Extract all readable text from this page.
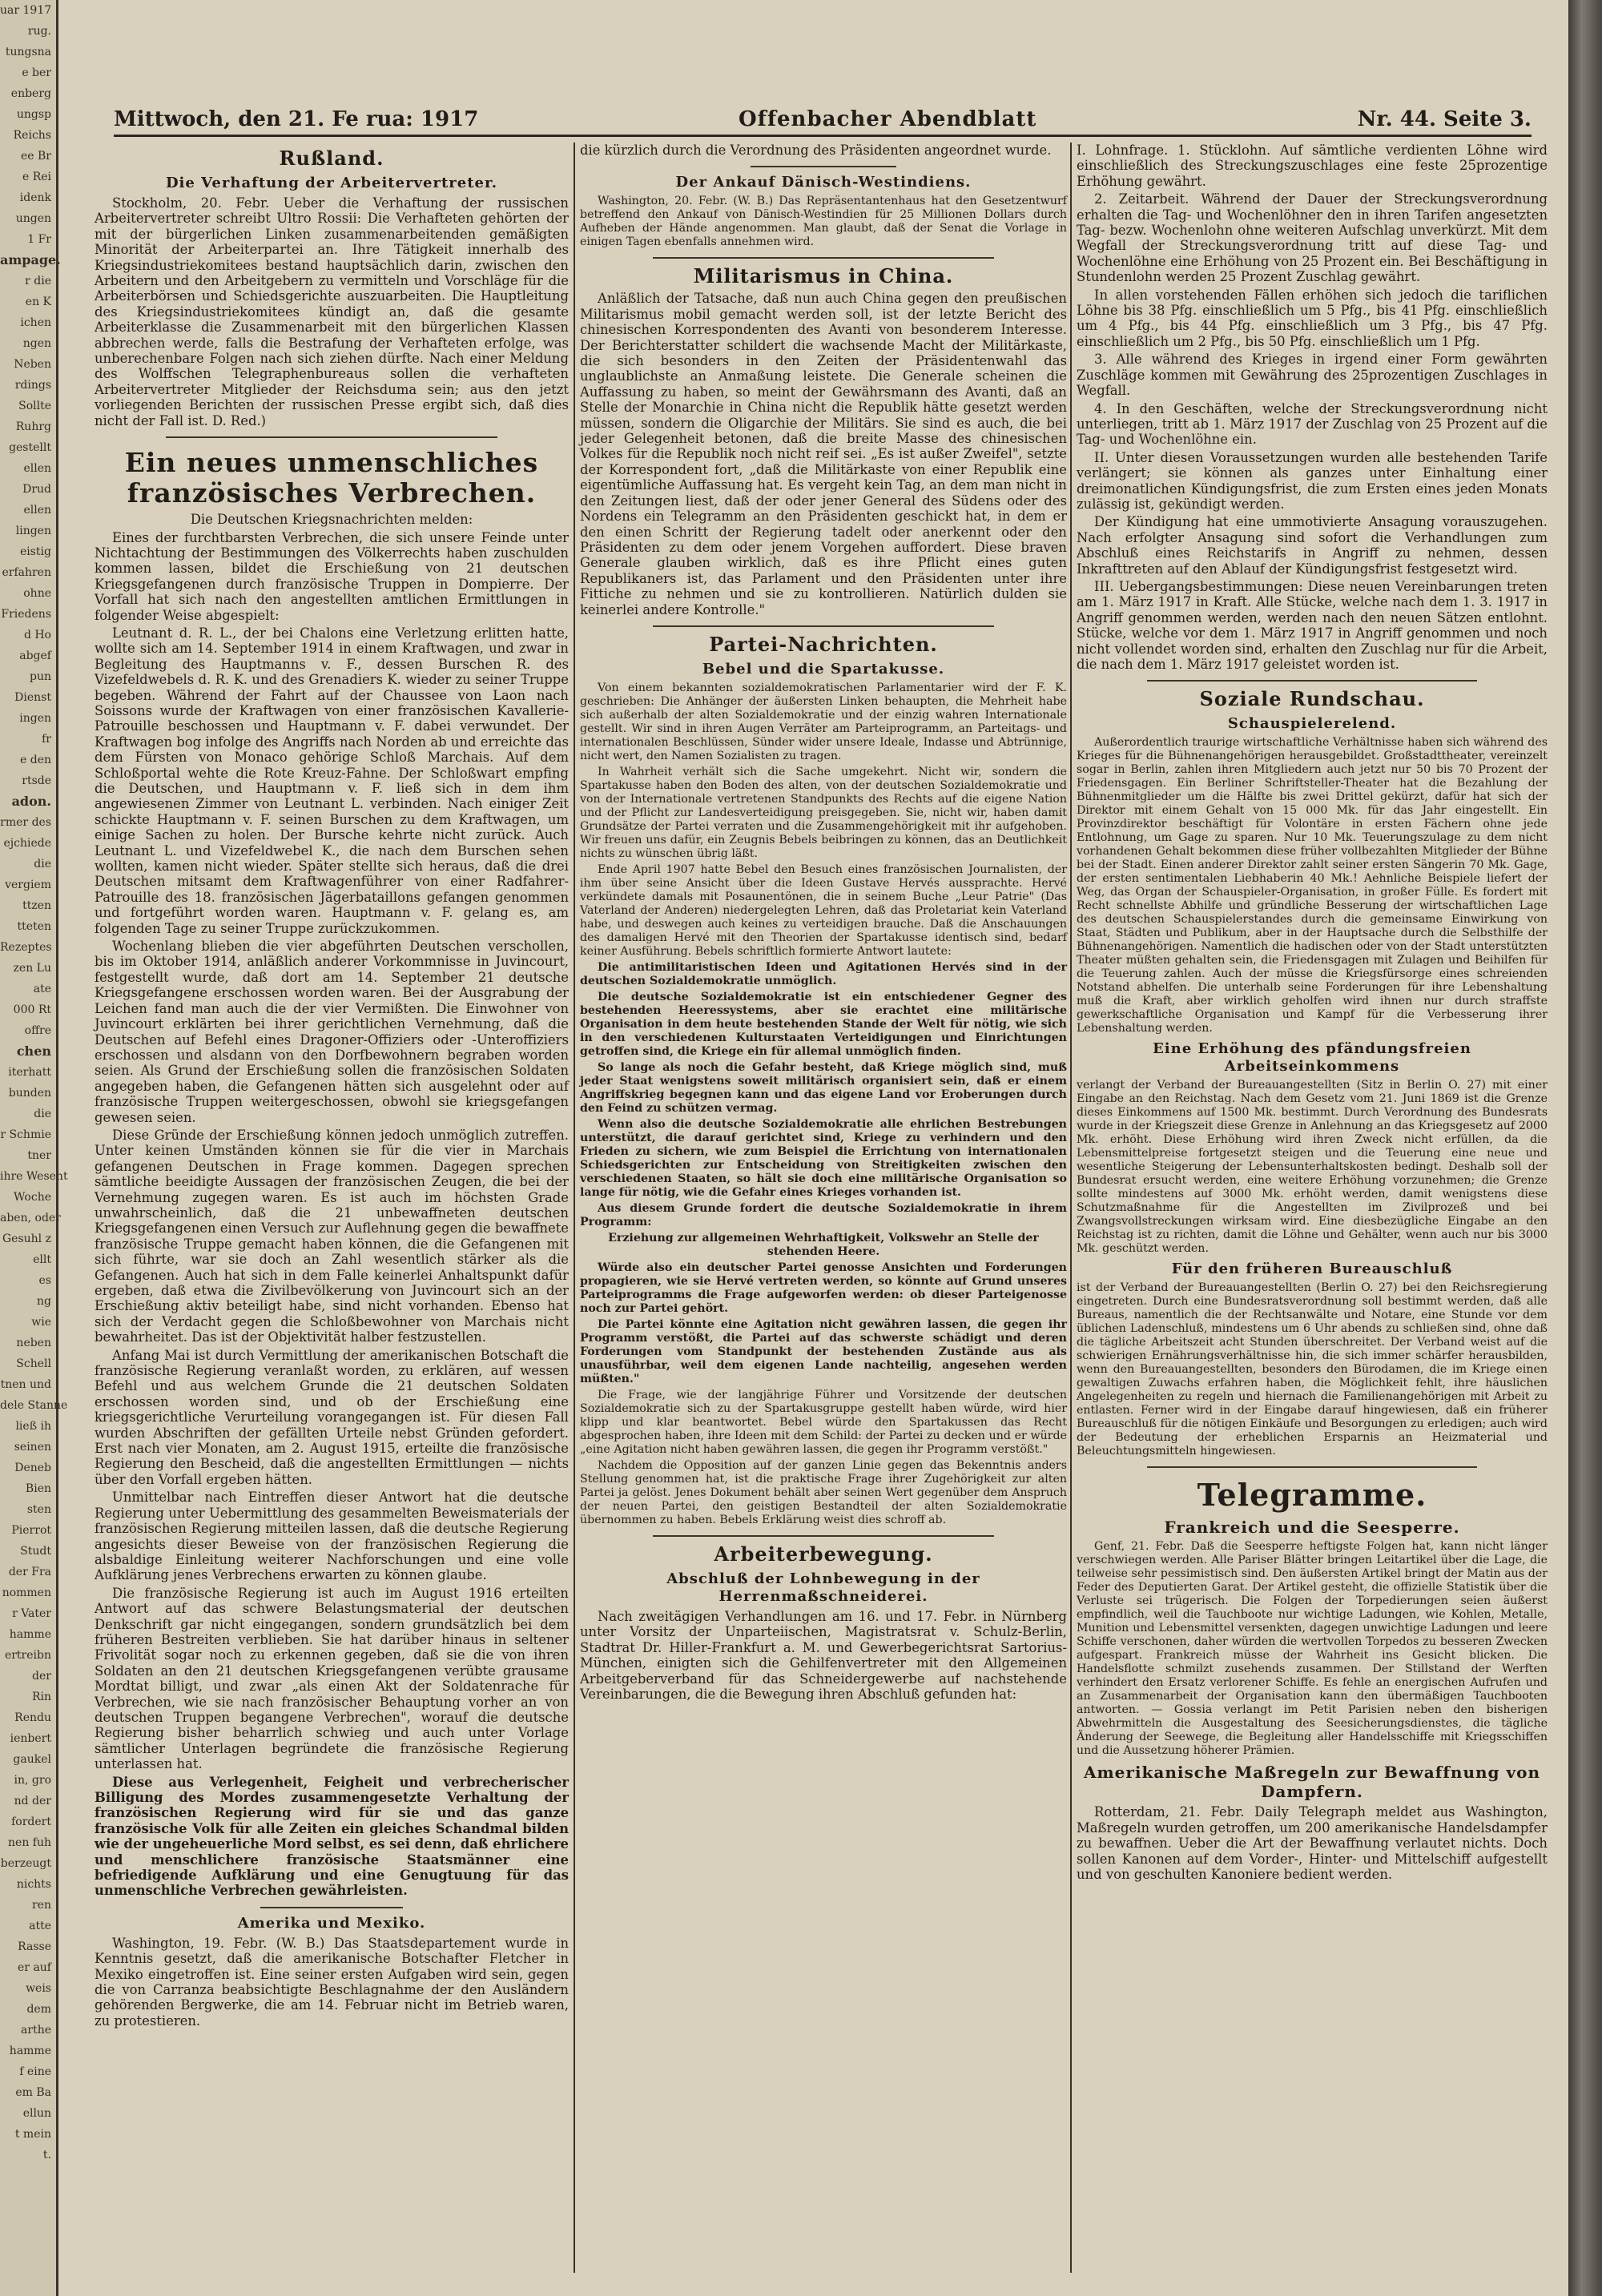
uar 1917
rug.
tungsna
e ber
enberg
ungsp
Reichs
ee Br
e Rei
idenk
ungen
1 Fr
ampage.
r die
en K
ichen
ngen
Neben
rdings
Sollte
Ruhrg
gestellt
ellen
Drud
ellen
lingen
eistig
erfahren
ohne
Friedens
d Ho
abgef
pun
Dienst
ingen
fr
e den
rtsde
adon.
rmer des
ejchiede
die
vergiem
ttzen
tteten
Rezeptes
zen Lu
ate
000 Rt
offre
chen
iterhatt
bunden
die
r Schmie
tner
ihre Wesent
Woche
aben, oder
Gesuhl z
ellt
es
ng
wie
neben
Schell
tnen und
dele Stanne
ließ ih
seinen
Deneb
Bien
sten
Pierrot
Studt
der Fra
nommen
r Vater
hamme
ertreibn
der
Rin
Rendu
ienbert
gaukel
in, gro
nd der
fordert
nen fuh
berzeugt
nichts
ren
atte
Rasse
er auf
weis
dem
arthe
hamme
f eine
em Ba
ellun
t mein
t.
Mittwoch, den 21. Fe rua: 1917	Offenbacher Abendblatt	Nr. 44. Seite 3.
Rußland.
Die Verhaftung der Arbeitervertreter.

Stockholm, 20. Febr. Ueber die Verhaftung der russischen Arbeitervertreter schreibt Ultro Rossii: Die Verhafteten gehörten der mit der bürgerlichen Linken zusammenarbeitenden gemäßigten Minorität der Arbeiterpartei an. Ihre Tätigkeit innerhalb des Kriegsindustriekomitees bestand hauptsächlich darin, zwischen den Arbeitern und den Arbeitgebern zu vermitteln und Vorschläge für die Arbeiterbörsen und Schiedsgerichte auszuarbeiten. Die Hauptleitung des Kriegsindustriekomitees kündigt an, daß die gesamte Arbeiterklasse die Zusammenarbeit mit den bürgerlichen Klassen abbrechen werde, falls die Bestrafung der Verhafteten erfolge, was unberechenbare Folgen nach sich ziehen dürfte. Nach einer Meldung des Wolffschen Telegraphenbureaus sollen die verhafteten Arbeitervertreter Mitglieder der Reichsduma sein; aus den jetzt vorliegenden Berichten der russischen Presse ergibt sich, daß dies nicht der Fall ist. D. Red.)

Ein neues unmenschliches französisches Verbrechen.

Die Deutschen Kriegsnachrichten melden:

Eines der furchtbarsten Verbrechen, die sich unsere Feinde unter Nichtachtung der Bestimmungen des Völkerrechts haben zuschulden kommen lassen, bildet die Erschießung von 21 deutschen Kriegsgefangenen durch französische Truppen in Dompierre. Der Vorfall hat sich nach den angestellten amtlichen Ermittlungen in folgender Weise abgespielt:

Leutnant d. R. L., der bei Chalons eine Verletzung erlitten hatte, wollte sich am 14. September 1914 in einem Kraftwagen, und zwar in Begleitung des Hauptmanns v. F., dessen Burschen R. des Vizefeldwebels d. R. K. und des Grenadiers K. wieder zu seiner Truppe begeben. Während der Fahrt auf der Chaussee von Laon nach Soissons wurde der Kraftwagen von einer französischen Kavallerie-Patrouille beschossen und Hauptmann v. F. dabei verwundet. Der Kraftwagen bog infolge des Angriffs nach Norden ab und erreichte das dem Fürsten von Monaco gehörige Schloß Marchais. Auf dem Schloßportal wehte die Rote Kreuz-Fahne. Der Schloßwart empfing die Deutschen, und Hauptmann v. F. ließ sich in dem ihm angewiesenen Zimmer von Leutnant L. verbinden. Nach einiger Zeit schickte Hauptmann v. F. seinen Burschen zu dem Kraftwagen, um einige Sachen zu holen. Der Bursche kehrte nicht zurück. Auch Leutnant L. und Vizefeldwebel K., die nach dem Burschen sehen wollten, kamen nicht wieder. Später stellte sich heraus, daß die drei Deutschen mitsamt dem Kraftwagenführer von einer Radfahrer-Patrouille des 18. französischen Jägerbataillons gefangen genommen und fortgeführt worden waren. Hauptmann v. F. gelang es, am folgenden Tage zu seiner Truppe zurückzukommen.

Wochenlang blieben die vier abgeführten Deutschen verschollen, bis im Oktober 1914, anläßlich anderer Vorkommnisse in Juvincourt, festgestellt wurde, daß dort am 14. September 21 deutsche Kriegsgefangene erschossen worden waren. Bei der Ausgrabung der Leichen fand man auch die der vier Vermißten. Die Einwohner von Juvincourt erklärten bei ihrer gerichtlichen Vernehmung, daß die Deutschen auf Befehl eines Dragoner-Offiziers oder -Unteroffiziers erschossen und alsdann von den Dorfbewohnern begraben worden seien. Als Grund der Erschießung sollen die französischen Soldaten angegeben haben, die Gefangenen hätten sich ausgelehnt oder auf französische Truppen weitergeschossen, obwohl sie kriegsgefangen gewesen seien.

Diese Gründe der Erschießung können jedoch unmöglich zutreffen. Unter keinen Umständen können sie für die vier in Marchais gefangenen Deutschen in Frage kommen. Dagegen sprechen sämtliche beeidigte Aussagen der französischen Zeugen, die bei der Vernehmung zugegen waren. Es ist auch im höchsten Grade unwahrscheinlich, daß die 21 unbewaffneten deutschen Kriegsgefangenen einen Versuch zur Auflehnung gegen die bewaffnete französische Truppe gemacht haben können, die die Gefangenen mit sich führte, war sie doch an Zahl wesentlich stärker als die Gefangenen. Auch hat sich in dem Falle keinerlei Anhaltspunkt dafür ergeben, daß etwa die Zivilbevölkerung von Juvincourt sich an der Erschießung aktiv beteiligt habe, sind nicht vorhanden. Ebenso hat sich der Verdacht gegen die Schloßbewohner von Marchais nicht bewahrheitet. Das ist der Objektivität halber festzustellen.

Anfang Mai ist durch Vermittlung der amerikanischen Botschaft die französische Regierung veranlaßt worden, zu erklären, auf wessen Befehl und aus welchem Grunde die 21 deutschen Soldaten erschossen worden sind, und ob der Erschießung eine kriegsgerichtliche Verurteilung vorangegangen ist. Für diesen Fall wurden Abschriften der gefällten Urteile nebst Gründen gefordert. Erst nach vier Monaten, am 2. August 1915, erteilte die französische Regierung den Bescheid, daß die angestellten Ermittlungen — nichts über den Vorfall ergeben hätten.

Unmittelbar nach Eintreffen dieser Antwort hat die deutsche Regierung unter Uebermittlung des gesammelten Beweismaterials der französischen Regierung mitteilen lassen, daß die deutsche Regierung angesichts dieser Beweise von der französischen Regierung die alsbaldige Einleitung weiterer Nachforschungen und eine volle Aufklärung jenes Verbrechens erwarten zu können glaube.

Die französische Regierung ist auch im August 1916 erteilten Antwort auf das schwere Belastungsmaterial der deutschen Denkschrift gar nicht eingegangen, sondern grundsätzlich bei dem früheren Bestreiten verblieben. Sie hat darüber hinaus in seltener Frivolität sogar noch zu erkennen gegeben, daß sie die von ihren Soldaten an den 21 deutschen Kriegsgefangenen verübte grausame Mordtat billigt, und zwar „als einen Akt der Soldatenrache für Verbrechen, wie sie nach französischer Behauptung vorher an von deutschen Truppen begangene Verbrechen", worauf die deutsche Regierung bisher beharrlich schwieg und auch unter Vorlage sämtlicher Unterlagen begründete die französische Regierung unterlassen hat.

Diese aus Verlegenheit, Feigheit und verbrecherischer Billigung des Mordes zusammengesetzte Verhaltung der französischen Regierung wird für sie und das ganze französische Volk für alle Zeiten ein gleiches Schandmal bilden wie der ungeheuerliche Mord selbst, es sei denn, daß ehrlichere und menschlichere französische Staatsmänner eine befriedigende Aufklärung und eine Genugtuung für das unmenschliche Verbrechen gewährleisten.

Amerika und Mexiko.

Washington, 19. Febr. (W. B.) Das Staatsdepartement wurde in Kenntnis gesetzt, daß die amerikanische Botschafter Fletcher in Mexiko eingetroffen ist. Eine seiner ersten Aufgaben wird sein, gegen die von Carranza beabsichtigte Beschlagnahme der den Ausländern gehörenden Bergwerke, die am 14. Februar nicht im Betrieb waren, zu protestieren.

die kürzlich durch die Verordnung des Präsidenten angeordnet wurde.

Der Ankauf Dänisch-Westindiens.

Washington, 20. Febr. (W. B.) Das Repräsentantenhaus hat den Gesetzentwurf betreffend den Ankauf von Dänisch-Westindien für 25 Millionen Dollars durch Aufheben der Hände angenommen. Man glaubt, daß der Senat die Vorlage in einigen Tagen ebenfalls annehmen wird.

Militarismus in China.

Anläßlich der Tatsache, daß nun auch China gegen den preußischen Militarismus mobil gemacht werden soll, ist der letzte Bericht des chinesischen Korrespondenten des Avanti von besonderem Interesse. Der Berichterstatter schildert die wachsende Macht der Militärkaste, die sich besonders in den Zeiten der Präsidentenwahl das unglaublichste an Anmaßung leistete. Die Generale scheinen die Auffassung zu haben, so meint der Gewährsmann des Avanti, daß an Stelle der Monarchie in China nicht die Republik hätte gesetzt werden müssen, sondern die Oligarchie der Militärs. Sie sind es auch, die bei jeder Gelegenheit betonen, daß die breite Masse des chinesischen Volkes für die Republik noch nicht reif sei. „Es ist außer Zweifel", setzte der Korrespondent fort, „daß die Militärkaste von einer Republik eine eigentümliche Auffassung hat. Es vergeht kein Tag, an dem man nicht in den Zeitungen liest, daß der oder jener General des Südens oder des Nordens ein Telegramm an den Präsidenten geschickt hat, in dem er den einen Schritt der Regierung tadelt oder anerkennt oder den Präsidenten zu dem oder jenem Vorgehen auffordert. Diese braven Generale glauben wirklich, daß es ihre Pflicht eines guten Republikaners ist, das Parlament und den Präsidenten unter ihre Fittiche zu nehmen und sie zu kontrollieren. Natürlich dulden sie keinerlei andere Kontrolle."

Partei-Nachrichten.
Bebel und die Spartakusse.

Von einem bekannten sozialdemokratischen Parlamentarier wird der F. K. geschrieben: Die Anhänger der äußersten Linken behaupten, die Mehrheit habe sich außerhalb der alten Sozialdemokratie und der einzig wahren Internationale gestellt. Wir sind in ihren Augen Verräter am Parteiprogramm, an Parteitags- und internationalen Beschlüssen, Sünder wider unsere Ideale, Indasse und Abtrünnige, nicht wert, den Namen Sozialisten zu tragen.

In Wahrheit verhält sich die Sache umgekehrt. Nicht wir, sondern die Spartakusse haben den Boden des alten, von der deutschen Sozialdemokratie und von der Internationale vertretenen Standpunkts des Rechts auf die eigene Nation und der Pflicht zur Landesverteidigung preisgegeben. Sie, nicht wir, haben damit Grundsätze der Partei verraten und die Zusammengehörigkeit mit ihr aufgehoben. Wir freuen uns dafür, ein Zeugnis Bebels beibringen zu können, das an Deutlichkeit nichts zu wünschen übrig läßt.

Ende April 1907 hatte Bebel den Besuch eines französischen Journalisten, der ihm über seine Ansicht über die Ideen Gustave Hervés aussprachte. Hervé verkündete damals mit Posaunentönen, die in seinem Buche „Leur Patrie" (Das Vaterland der Anderen) niedergelegten Lehren, daß das Proletariat kein Vaterland habe, und deswegen auch keines zu verteidigen brauche. Daß die Anschauungen des damaligen Hervé mit den Theorien der Spartakusse identisch sind, bedarf keiner Ausführung. Bebels schriftlich formierte Antwort lautete:

Die antimilitaristischen Ideen und Agitationen Hervés sind in der deutschen Sozialdemokratie unmöglich.

Die deutsche Sozialdemokratie ist ein entschiedener Gegner des bestehenden Heeressystems, aber sie erachtet eine militärische Organisation in dem heute bestehenden Stande der Welt für nötig, wie sich in den verschiedenen Kulturstaaten Verteidigungen und Einrichtungen getroffen sind, die Kriege ein für allemal unmöglich finden.

So lange als noch die Gefahr besteht, daß Kriege möglich sind, muß jeder Staat wenigstens soweit militärisch organisiert sein, daß er einem Angriffskrieg begegnen kann und das eigene Land vor Eroberungen durch den Feind zu schützen vermag.

Wenn also die deutsche Sozialdemokratie alle ehrlichen Bestrebungen unterstützt, die darauf gerichtet sind, Kriege zu verhindern und den Frieden zu sichern, wie zum Beispiel die Errichtung von internationalen Schiedsgerichten zur Entscheidung von Streitigkeiten zwischen den verschiedenen Staaten, so hält sie doch eine militärische Organisation so lange für nötig, wie die Gefahr eines Krieges vorhanden ist.

Aus diesem Grunde fordert die deutsche Sozialdemokratie in ihrem Programm:

Erziehung zur allgemeinen Wehrhaftigkeit, Volkswehr an Stelle der stehenden Heere.

Würde also ein deutscher Partei genosse Ansichten und Forderungen propagieren, wie sie Hervé vertreten werden, so könnte auf Grund unseres Parteiprogramms die Frage aufgeworfen werden: ob dieser Parteigenosse noch zur Partei gehört.

Die Partei könnte eine Agitation nicht gewähren lassen, die gegen ihr Programm verstößt, die Partei auf das schwerste schädigt und deren Forderungen vom Standpunkt der bestehenden Zustände aus als unausführbar, weil dem eigenen Lande nachteilig, angesehen werden müßten."

Die Frage, wie der langjährige Führer und Vorsitzende der deutschen Sozialdemokratie sich zu der Spartakusgruppe gestellt haben würde, wird hier klipp und klar beantwortet. Bebel würde den Spartakussen das Recht abgesprochen haben, ihre Ideen mit dem Schild: der Partei zu decken und er würde „eine Agitation nicht haben gewähren lassen, die gegen ihr Programm verstößt."

Nachdem die Opposition auf der ganzen Linie gegen das Bekenntnis anders Stellung genommen hat, ist die praktische Frage ihrer Zugehörigkeit zur alten Partei ja gelöst. Jenes Dokument behält aber seinen Wert gegenüber dem Anspruch der neuen Partei, den geistigen Bestandteil der alten Sozialdemokratie übernommen zu haben. Bebels Erklärung weist dies schroff ab.

Arbeiterbewegung.
Abschluß der Lohnbewegung in der Herrenmaßschneiderei.

Nach zweitägigen Verhandlungen am 16. und 17. Febr. in Nürnberg unter Vorsitz der Unparteiischen, Magistratsrat v. Schulz-Berlin, Stadtrat Dr. Hiller-Frankfurt a. M. und Gewerbegerichtsrat Sartorius-München, einigten sich die Gehilfenvertreter mit den Allgemeinen Arbeitgeberverband für das Schneidergewerbe auf nachstehende Vereinbarungen, die die Bewegung ihren Abschluß gefunden hat:

I. Lohnfrage. 1. Stücklohn. Auf sämtliche verdienten Löhne wird einschließlich des Streckungszuschlages eine feste 25prozentige Erhöhung gewährt.

2. Zeitarbeit. Während der Dauer der Streckungsverordnung erhalten die Tag- und Wochenlöhner den in ihren Tarifen angesetzten Tag- bezw. Wochenlohn ohne weiteren Aufschlag unverkürzt. Mit dem Wegfall der Streckungsverordnung tritt auf diese Tag- und Wochenlöhne eine Erhöhung von 25 Prozent ein. Bei Beschäftigung in Stundenlohn werden 25 Prozent Zuschlag gewährt.

In allen vorstehenden Fällen erhöhen sich jedoch die tariflichen Löhne bis 38 Pfg. einschließlich um 5 Pfg., bis 41 Pfg. einschließlich um 4 Pfg., bis 44 Pfg. einschließlich um 3 Pfg., bis 47 Pfg. einschließlich um 2 Pfg., bis 50 Pfg. einschließlich um 1 Pfg.

3. Alle während des Krieges in irgend einer Form gewährten Zuschläge kommen mit Gewährung des 25prozentigen Zuschlages in Wegfall.

4. In den Geschäften, welche der Streckungsverordnung nicht unterliegen, tritt ab 1. März 1917 der Zuschlag von 25 Prozent auf die Tag- und Wochenlöhne ein.

II. Unter diesen Voraussetzungen wurden alle bestehenden Tarife verlängert; sie können als ganzes unter Einhaltung einer dreimonatlichen Kündigungsfrist, die zum Ersten eines jeden Monats zulässig ist, gekündigt werden.

Der Kündigung hat eine ummotivierte Ansagung vorauszugehen. Nach erfolgter Ansagung sind sofort die Verhandlungen zum Abschluß eines Reichstarifs in Angriff zu nehmen, dessen Inkrafttreten auf den Ablauf der Kündigungsfrist festgesetzt wird.

III. Uebergangsbestimmungen: Diese neuen Vereinbarungen treten am 1. März 1917 in Kraft. Alle Stücke, welche nach dem 1. 3. 1917 in Angriff genommen werden, werden nach den neuen Sätzen entlohnt. Stücke, welche vor dem 1. März 1917 in Angriff genommen und noch nicht vollendet worden sind, erhalten den Zuschlag nur für die Arbeit, die nach dem 1. März 1917 geleistet worden ist.

Soziale Rundschau.
Schauspielerelend.

Außerordentlich traurige wirtschaftliche Verhältnisse haben sich während des Krieges für die Bühnenangehörigen herausgebildet. Großstadttheater, vereinzelt sogar in Berlin, zahlen ihren Mitgliedern auch jetzt nur 50 bis 70 Prozent der Friedensgagen. Ein Berliner Schriftsteller-Theater hat die Bezahlung der Bühnenmitglieder um die Hälfte bis zwei Drittel gekürzt, dafür hat sich der Direktor mit einem Gehalt von 15 000 Mk. für das Jahr eingestellt. Ein Provinzdirektor beschäftigt für Volontäre in ersten Fächern ohne jede Entlohnung, um Gage zu sparen. Nur 10 Mk. Teuerungszulage zu dem nicht vorhandenen Gehalt bekommen diese früher vollbezahlten Mitglieder der Bühne bei der Stadt. Einen anderer Direktor zahlt seiner ersten Sängerin 70 Mk. Gage, der ersten sentimentalen Liebhaberin 40 Mk.! Aehnliche Beispiele liefert der Weg, das Organ der Schauspieler-Organisation, in großer Fülle. Es fordert mit Recht schnellste Abhilfe und gründliche Besserung der wirtschaftlichen Lage des deutschen Schauspielerstandes durch die gemeinsame Einwirkung von Staat, Städten und Publikum, aber in der Hauptsache durch die Selbsthilfe der Bühnenangehörigen. Namentlich die hadischen oder von der Stadt unterstützten Theater müßten gehalten sein, die Friedensgagen mit Zulagen und Beihilfen für die Teuerung zahlen. Auch der müsse die Kriegsfürsorge eines schreienden Notstand abhelfen. Die unterhalb seine Forderungen für ihre Lebenshaltung muß die Kraft, aber wirklich geholfen wird ihnen nur durch straffste gewerkschaftliche Organisation und Kampf für die Verbesserung ihrer Lebenshaltung werden.

Eine Erhöhung des pfändungsfreien Arbeitseinkommens

verlangt der Verband der Bureauangestellten (Sitz in Berlin O. 27) mit einer Eingabe an den Reichstag. Nach dem Gesetz vom 21. Juni 1869 ist die Grenze dieses Einkommens auf 1500 Mk. bestimmt. Durch Verordnung des Bundesrats wurde in der Kriegszeit diese Grenze in Anlehnung an das Kriegsgesetz auf 2000 Mk. erhöht. Diese Erhöhung wird ihren Zweck nicht erfüllen, da die Lebensmittelpreise fortgesetzt steigen und die Teuerung eine neue und wesentliche Steigerung der Lebensunterhaltskosten bedingt. Deshalb soll der Bundesrat ersucht werden, eine weitere Erhöhung vorzunehmen; die Grenze sollte mindestens auf 3000 Mk. erhöht werden, damit wenigstens diese Schutzmaßnahme für die Angestellten im Zivilprozeß und bei Zwangsvollstreckungen wirksam wird. Eine diesbezügliche Eingabe an den Reichstag ist zu richten, damit die Löhne und Gehälter, wenn auch nur bis 3000 Mk. geschützt werden.

Für den früheren Bureauschluß

ist der Verband der Bureauangestellten (Berlin O. 27) bei den Reichsregierung eingetreten. Durch eine Bundesratsverordnung soll bestimmt werden, daß alle Bureaus, namentlich die der Rechtsanwälte und Notare, eine Stunde vor dem üblichen Ladenschluß, mindestens um 6 Uhr abends zu schließen sind, ohne daß die tägliche Arbeitszeit acht Stunden überschreitet. Der Verband weist auf die schwierigen Ernährungsverhältnisse hin, die sich immer schärfer herausbilden, wenn den Bureauangestellten, besonders den Bürodamen, die im Kriege einen gewaltigen Zuwachs erfahren haben, die Möglichkeit fehlt, ihre häuslichen Angelegenheiten zu regeln und hiernach die Familienangehörigen mit Arbeit zu entlasten. Ferner wird in der Eingabe darauf hingewiesen, daß ein früherer Bureauschluß für die nötigen Einkäufe und Besorgungen zu erledigen; auch wird der Bedeutung der erheblichen Ersparnis an Heizmaterial und Beleuchtungsmitteln hingewiesen.

Telegramme.
Frankreich und die Seesperre.

Genf, 21. Febr. Daß die Seesperre heftigste Folgen hat, kann nicht länger verschwiegen werden. Alle Pariser Blätter bringen Leitartikel über die Lage, die teilweise sehr pessimistisch sind. Den äußersten Artikel bringt der Matin aus der Feder des Deputierten Garat. Der Artikel gesteht, die offizielle Statistik über die Verluste sei trügerisch. Die Folgen der Torpedierungen seien äußerst empfindlich, weil die Tauchboote nur wichtige Ladungen, wie Kohlen, Metalle, Munition und Lebensmittel versenkten, dagegen unwichtige Ladungen und leere Schiffe verschonen, daher würden die wertvollen Torpedos zu besseren Zwecken aufgespart. Frankreich müsse der Wahrheit ins Gesicht blicken. Die Handelsflotte schmilzt zusehends zusammen. Der Stillstand der Werften verhindert den Ersatz verlorener Schiffe. Es fehle an energischen Aufrufen und an Zusammenarbeit der Organisation kann den übermäßigen Tauchbooten antworten. — Gossia verlangt im Petit Parisien neben den bisherigen Abwehrmitteln die Ausgestaltung des Seesicherungsdienstes, die tägliche Änderung der Seewege, die Begleitung aller Handelsschiffe mit Kriegsschiffen und die Aussetzung höherer Prämien.

Amerikanische Maßregeln zur Bewaffnung von Dampfern.

Rotterdam, 21. Febr. Daily Telegraph meldet aus Washington, Maßregeln wurden getroffen, um 200 amerikanische Handelsdampfer zu bewaffnen. Ueber die Art der Bewaffnung verlautet nichts. Doch sollen Kanonen auf dem Vorder-, Hinter- und Mittelschiff aufgestellt und von geschulten Kanoniere bedient werden.
